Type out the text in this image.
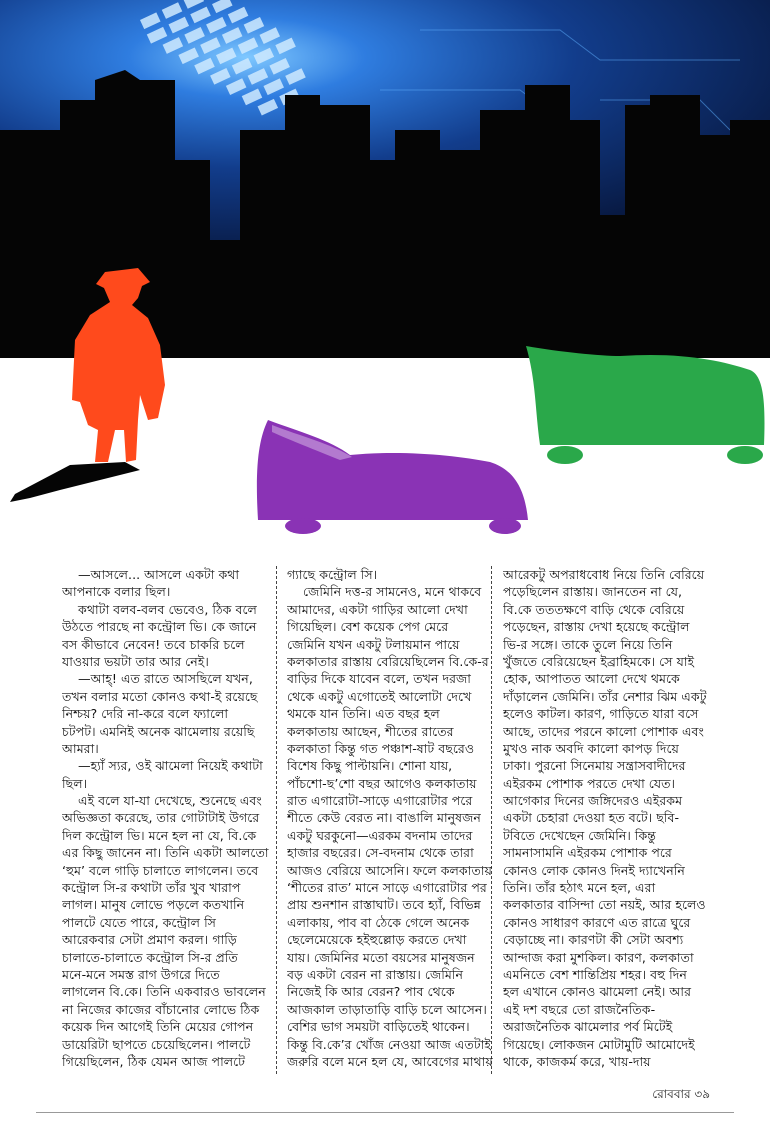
—আসলে... আসলে একটা কথা
আপনাকে বলার ছিল।
কথাটা বলব-বলব ভেবেও, ঠিক বলে
উঠতে পারছে না কন্ট্রোল ভি। কে জানে
বস কীভাবে নেবেন! তবে চাকরি চলে
যাওয়ার ভয়টা তার আর নেই।
—আহ্! এত রাতে আসছিলে যখন,
তখন বলার মতো কোনও কথা-ই রয়েছে
নিশ্চয়? দেরি না-করে বলে ফ্যালো
চটপট। এমনিই অনেক ঝামেলায় রয়েছি
আমরা।
—হ্যাঁ স্যর, ওই ঝামেলা নিয়েই কথাটা
ছিল।
এই বলে যা-যা দেখেছে, শুনেছে এবং
অভিজ্ঞতা করেছে, তার গোটাটাই উগরে
দিল কন্ট্রোল ভি। মনে হল না যে, বি.কে
এর কিছু জানেন না। তিনি একটা আলতো
‘হুম’ বলে গাড়ি চালাতে লাগলেন। তবে
কন্ট্রোল সি-র কথাটা তাঁর খুব খারাপ
লাগল। মানুষ লোভে পড়লে কতখানি
পালটে যেতে পারে, কন্ট্রোল সি
আরেকবার সেটা প্রমাণ করল। গাড়ি
চালাতে-চালাতে কন্ট্রোল সি-র প্রতি
মনে-মনে সমস্ত রাগ উগরে দিতে
লাগলেন বি.কে। তিনি একবারও ভাবলেন
না নিজের কাজের বাঁচানোর লোভে ঠিক
কয়েক দিন আগেই তিনি মেয়ের গোপন
ডায়েরিটা ছাপতে চেয়েছিলেন। পালটে
গিয়েছিলেন, ঠিক যেমন আজ পালটে
গ্যাছে কন্ট্রোল সি।
জেমিনি দত্ত-র সামনেও, মনে থাকবে
আমাদের, একটা গাড়ির আলো দেখা
গিয়েছিল। বেশ কয়েক পেগ মেরে
জেমিনি যখন একটু টলায়মান পায়ে
কলকাতার রাস্তায় বেরিয়েছিলেন বি.কে-র
বাড়ির দিকে যাবেন বলে, তখন দরজা
থেকে একটু এগোতেই আলোটা দেখে
থমকে যান তিনি। এত বছর হল
কলকাতায় আছেন, শীতের রাতের
কলকাতা কিন্তু গত পঞ্চাশ-ষাট বছরেও
বিশেষ কিছু পাল্টায়নি। শোনা যায়,
পাঁচশো-ছ’শো বছর আগেও কলকাতায়
রাত এগারোটা-সাড়ে এগারোটার পরে
শীতে কেউ বেরত না। বাঙালি মানুষজন
একটু ঘরকুনো—এরকম বদনাম তাদের
হাজার বছরের। সে-বদনাম থেকে তারা
আজও বেরিয়ে আসেনি। ফলে কলকাতায়
‘শীতের রাত’ মানে সাড়ে এগারোটার পর
প্রায় শুনশান রাস্তাঘাট। তবে হ্যাঁ, বিভিন্ন
এলাকায়, পাব বা ঠেকে গেলে অনেক
ছেলেমেয়েকে হইহুল্লোড় করতে দেখা
যায়। জেমিনির মতো বয়সের মানুষজন
বড় একটা বেরন না রাস্তায়। জেমিনি
নিজেই কি আর বেরন? পাব থেকে
আজকাল তাড়াতাড়ি বাড়ি চলে আসেন।
বেশির ভাগ সময়টা বাড়িতেই থাকেন।
কিন্তু বি.কে’র খোঁজ নেওয়া আজ এতটাই
জরুরি বলে মনে হল যে, আবেগের মাথায়
আরেকটু অপরাধবোধ নিয়ে তিনি বেরিয়ে
পড়েছিলেন রাস্তায়। জানতেন না যে,
বি.কে তততক্ষণে বাড়ি থেকে বেরিয়ে
পড়েছেন, রাস্তায় দেখা হয়েছে কন্ট্রোল
ভি-র সঙ্গে। তাকে তুলে নিয়ে তিনি
খুঁজতে বেরিয়েছেন ইব্রাহিমকে। সে যাই
হোক, আপাতত আলো দেখে থমকে
দাঁড়ালেন জেমিনি। তাঁর নেশার ঝিম একটু
হলেও কাটল। কারণ, গাড়িতে যারা বসে
আছে, তাদের পরনে কালো পোশাক এবং
মুখও নাক অবদি কালো কাপড় দিয়ে
ঢাকা। পুরনো সিনেমায় সন্ত্রাসবাদীদের
এইরকম পোশাক পরতে দেখা যেত।
আগেকার দিনের জঙ্গিদেরও এইরকম
একটা চেহারা দেওয়া হত বটে। ছবি-
টবিতে দেখেছেন জেমিনি। কিন্তু
সামনাসামনি এইরকম পোশাক পরে
কোনও লোক কোনও দিনই দ্যাখেননি
তিনি। তাঁর হঠাৎ মনে হল, এরা
কলকাতার বাসিন্দা তো নয়ই, আর হলেও
কোনও সাধারণ কারণে এত রাত্রে ঘুরে
বেড়াচ্ছে না। কারণটা কী সেটা অবশ্য
আন্দাজ করা মুশকিল। কারণ, কলকাতা
এমনিতে বেশ শান্তিপ্রিয় শহর। বহু দিন
হল এখানে কোনও ঝামেলা নেই। আর
এই দশ বছরে তো রাজনৈতিক-
অরাজনৈতিক ঝামেলার পর্ব মিটেই
গিয়েছে। লোকজন মোটামুটি আমোদেই
থাকে, কাজকর্ম করে, খায়-দায়
রোববার ৩৯
